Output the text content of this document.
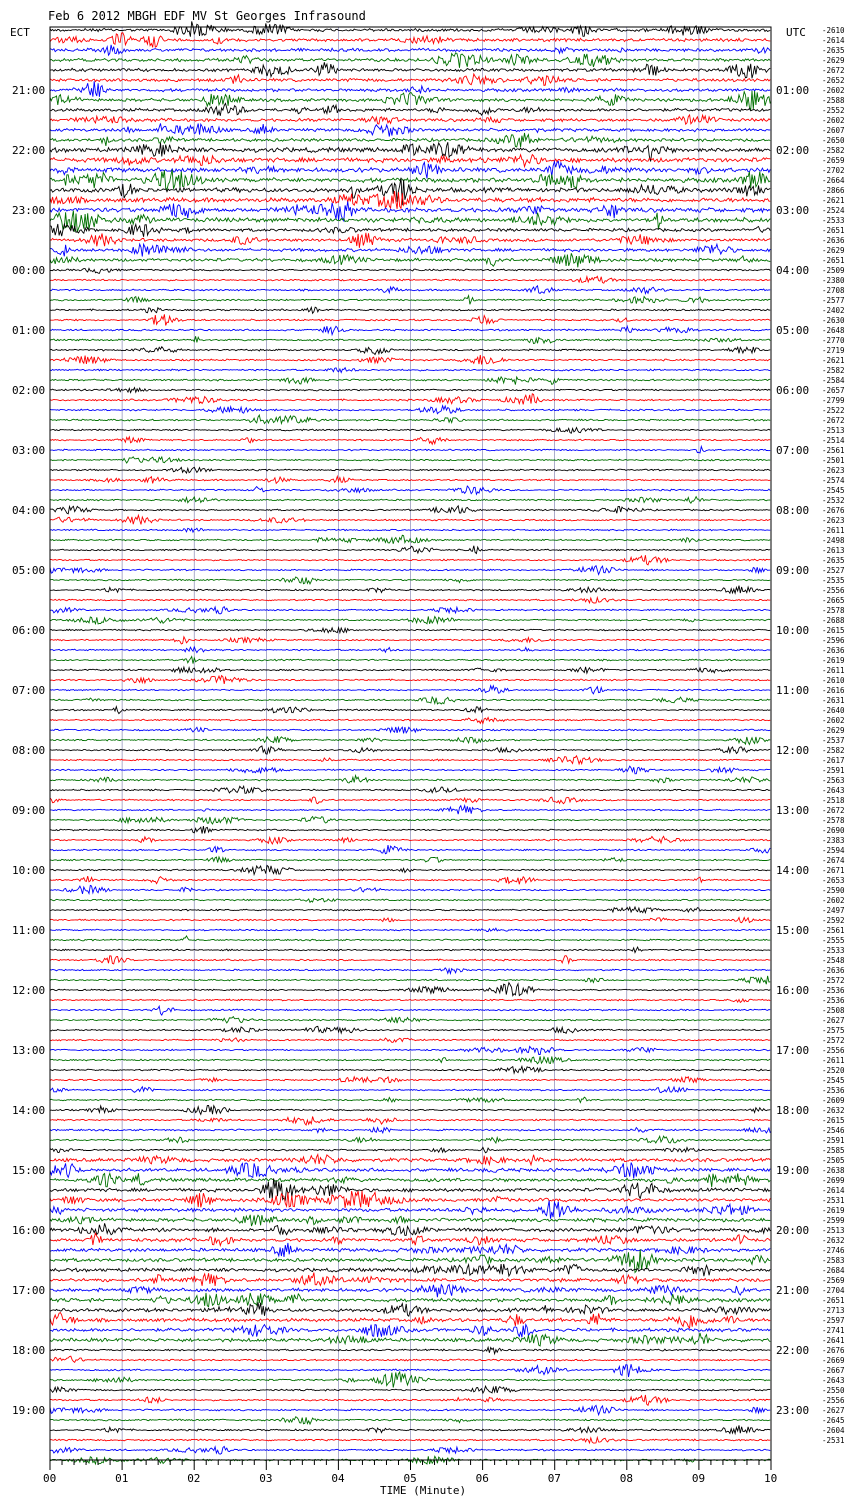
Feb 6 2012 MBGH EDF MV St Georges Infrasound
ECT	UTC
21:00
22:00
23:00
00:00
01:00
02:00
03:00
04:00
05:00
06:00
07:00
08:00
09:00
10:00
11:00
12:00
13:00
14:00
15:00
16:00
17:00
18:00
19:00
01:00
02:00
03:00
04:00
05:00
06:00
07:00
08:00
09:00
10:00
11:00
12:00
13:00
14:00
15:00
16:00
17:00
18:00
19:00
20:00
21:00
22:00
23:00
-2610
-2614
-2635
-2629
-2672
-2652
-2602
-2588
-2552
-2602
-2607
-2650
-2582
-2659
-2702
-2664
-2866
-2621
-2524
-2533
-2651
-2636
-2629
-2651
-2509
-2380
-2708
-2577
-2402
-2630
-2648
-2770
-2719
-2621
-2582
-2584
-2657
-2799
-2522
-2672
-2513
-2514
-2561
-2501
-2623
-2574
-2545
-2532
-2676
-2623
-2611
-2498
-2613
-2635
-2527
-2535
-2556
-2665
-2578
-2688
-2615
-2596
-2636
-2619
-2611
-2610
-2616
-2631
-2640
-2602
-2629
-2537
-2582
-2617
-2591
-2563
-2643
-2518
-2672
-2578
-2690
-2383
-2594
-2674
-2671
-2653
-2590
-2602
-2497
-2592
-2561
-2555
-2533
-2548
-2636
-2572
-2536
-2536
-2508
-2627
-2575
-2572
-2556
-2611
-2520
-2545
-2536
-2609
-2632
-2615
-2546
-2591
-2585
-2505
-2638
-2699
-2614
-2531
-2619
-2599
-2513
-2632
-2746
-2583
-2684
-2569
-2704
-2651
-2713
-2597
-2741
-2641
-2676
-2669
-2667
-2643
-2550
-2556
-2627
-2645
-2604
-2531
00	01	02	03	04	05	06	07	08	09	10
TIME (Minute)
